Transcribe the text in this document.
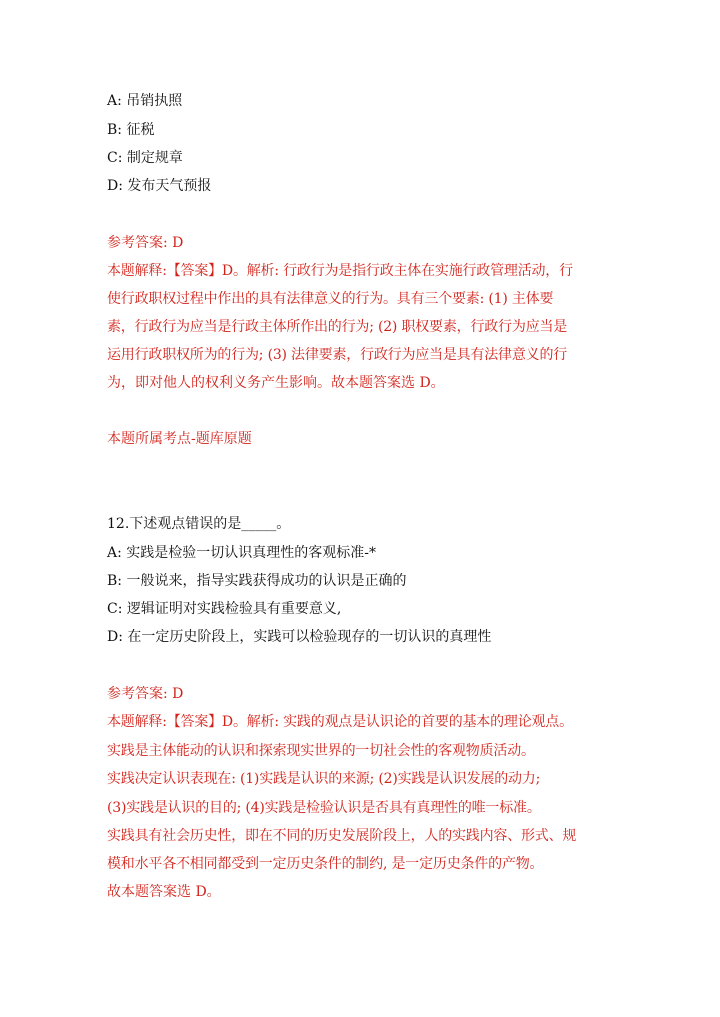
A: 吊销执照

B: 征税

C: 制定规章

D: 发布天气预报

参考答案: D

本题解释:【答案】D。解析: 行政行为是指行政主体在实施行政管理活动，行

使行政职权过程中作出的具有法律意义的行为。具有三个要素: (1) 主体要

素，行政行为应当是行政主体所作出的行为; (2) 职权要素，行政行为应当是

运用行政职权所为的行为; (3) 法律要素，行政行为应当是具有法律意义的行

为，即对他人的权利义务产生影响。故本题答案选 D。

本题所属考点-题库原题

12.下述观点错误的是_____。

A: 实践是检验一切认识真理性的客观标准-*

B: 一般说来，指导实践获得成功的认识是正确的

C: 逻辑证明对实践检验具有重要意义,

D: 在一定历史阶段上，实践可以检验现存的一切认识的真理性

参考答案: D

本题解释:【答案】D。解析: 实践的观点是认识论的首要的基本的理论观点。

实践是主体能动的认识和探索现实世界的一切社会性的客观物质活动。

实践决定认识表现在: (1)实践是认识的来源; (2)实践是认识发展的动力;

(3)实践是认识的目的; (4)实践是检验认识是否具有真理性的唯一标准。

实践具有社会历史性，即在不同的历史发展阶段上，人的实践内容、形式、规

模和水平各不相同都受到一定历史条件的制约, 是一定历史条件的产物。

故本题答案选 D。
